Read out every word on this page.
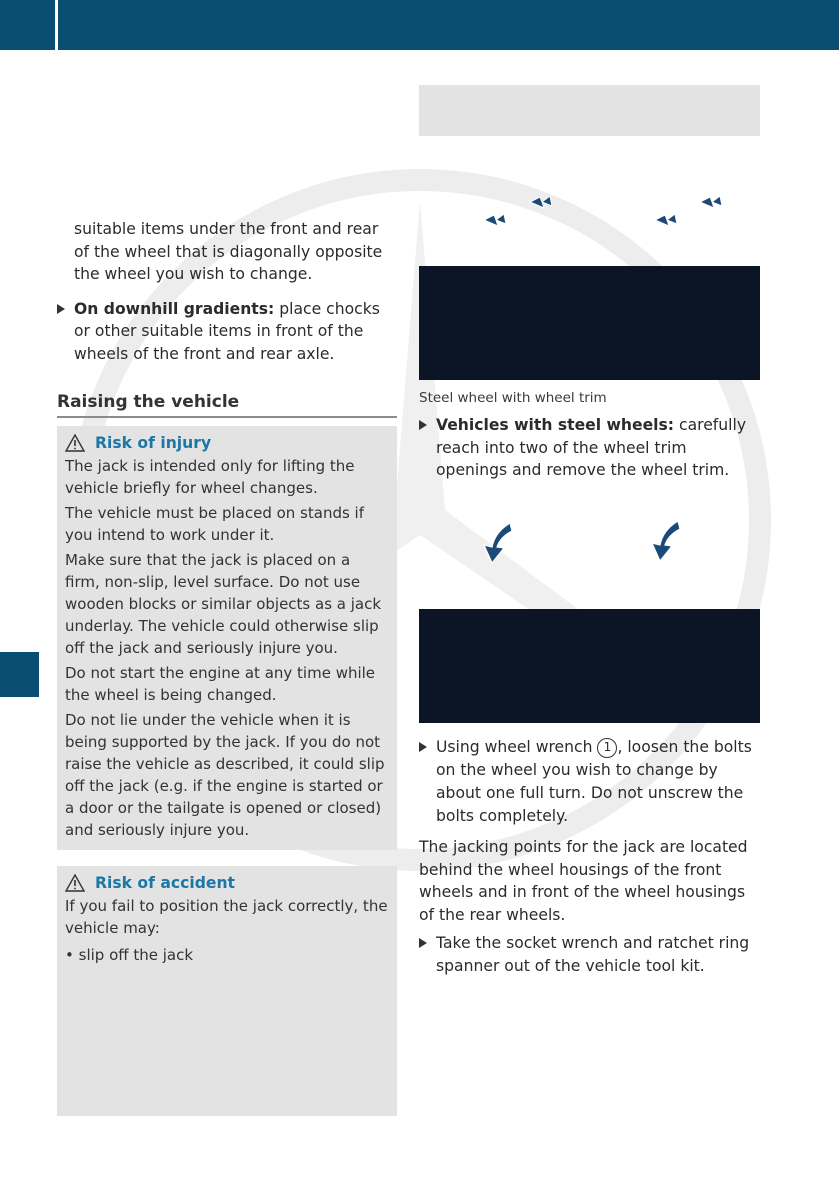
suitable items under the front and rear of the wheel that is diagonally opposite the wheel you wish to change.

On downhill gradients: place chocks or other suitable items in front of the wheels of the front and rear axle.

Raising the vehicle
Risk of injury

The jack is intended only for lifting the vehicle briefly for wheel changes.

The vehicle must be placed on stands if you intend to work under it.

Make sure that the jack is placed on a firm, non-slip, level surface. Do not use wooden blocks or similar objects as a jack underlay. The vehicle could otherwise slip off the jack and seriously injure you.

Do not start the engine at any time while the wheel is being changed.

Do not lie under the vehicle when it is being supported by the jack. If you do not raise the vehicle as described, it could slip off the jack (e.g. if the engine is started or a door or the tailgate is opened or closed) and seriously injure you.

Risk of accident

If you fail to position the jack correctly, the vehicle may:

• slip off the jack

Steel wheel with wheel trim

Vehicles with steel wheels: carefully reach into two of the wheel trim openings and remove the wheel trim.

Using wheel wrench 1 , loosen the bolts on the wheel you wish to change by about one full turn. Do not unscrew the bolts completely.

The jacking points for the jack are located behind the wheel housings of the front wheels and in front of the wheel housings of the rear wheels.

Take the socket wrench and ratchet ring spanner out of the vehicle tool kit.
